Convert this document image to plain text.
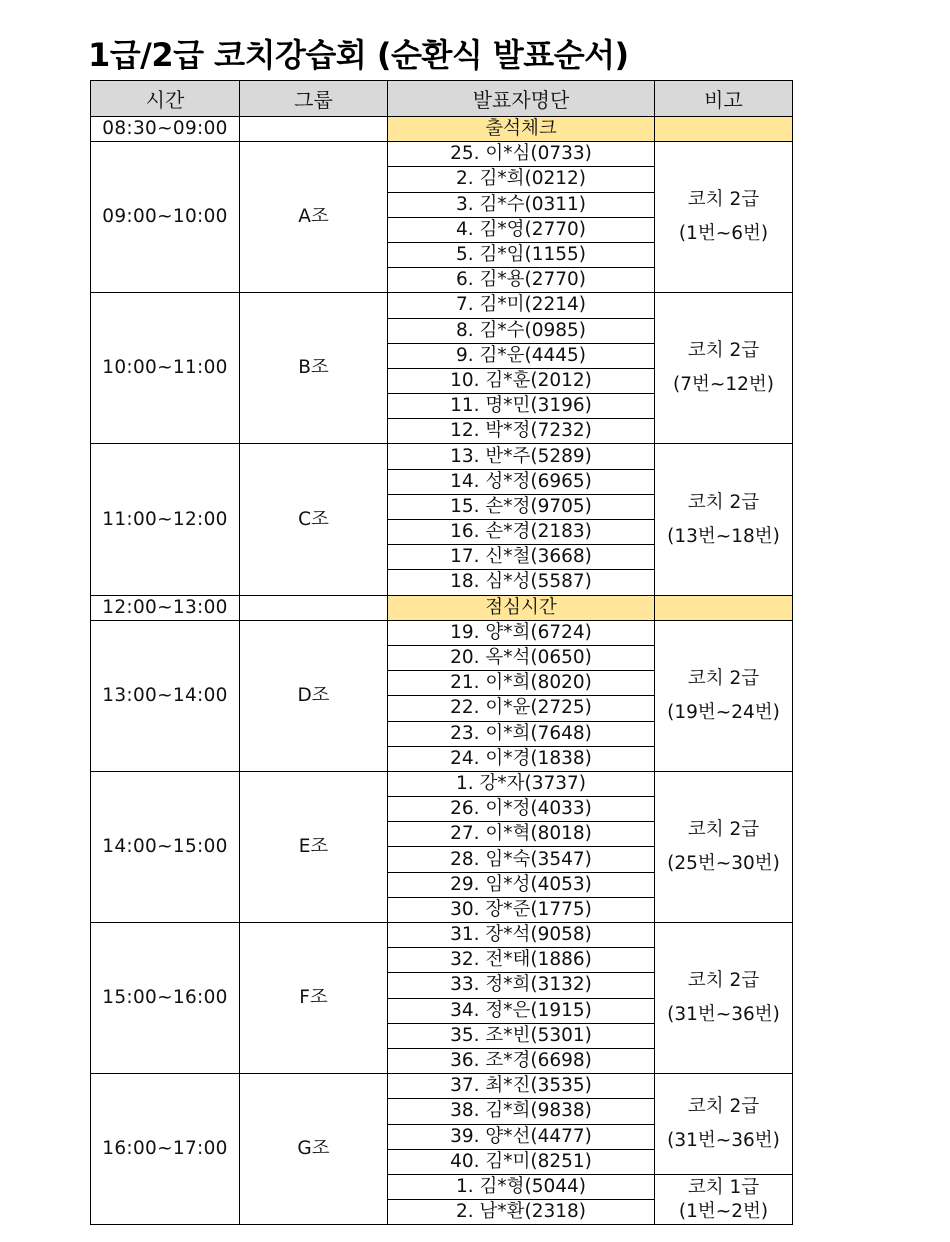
1급/2급 코치강습회 (순환식 발표순서)
시간	그룹	발표자명단	비고
08:30~09:00		출석체크	
09:00~10:00	A조	25. 이*심(0733)	코치 2급
(1번~6번)

		2. 김*희(0212)	
		3. 김*수(0311)	
		4. 김*영(2770)	
		5. 김*임(1155)	
		6. 김*용(2770)	
10:00~11:00	B조	7. 김*미(2214)	코치 2급
(7번~12번)

		8. 김*수(0985)	
		9. 김*운(4445)	
		10. 김*훈(2012)	
		11. 명*민(3196)	
		12. 박*정(7232)	
11:00~12:00	C조	13. 반*주(5289)	코치 2급
(13번~18번)

		14. 성*정(6965)	
		15. 손*정(9705)	
		16. 손*경(2183)	
		17. 신*철(3668)	
		18. 심*성(5587)	
12:00~13:00		점심시간	
13:00~14:00	D조	19. 양*희(6724)	코치 2급
(19번~24번)

		20. 옥*석(0650)	
		21. 이*희(8020)	
		22. 이*윤(2725)	
		23. 이*희(7648)	
		24. 이*경(1838)	
14:00~15:00	E조	1. 강*자(3737)	코치 2급
(25번~30번)

		26. 이*정(4033)	
		27. 이*혁(8018)	
		28. 임*숙(3547)	
		29. 임*성(4053)	
		30. 장*준(1775)	
15:00~16:00	F조	31. 장*석(9058)	코치 2급
(31번~36번)

		32. 전*태(1886)	
		33. 정*희(3132)	
		34. 정*은(1915)	
		35. 조*빈(5301)	
		36. 조*경(6698)	
16:00~17:00	G조	37. 최*진(3535)	코치 2급
(31번~36번)

		38. 김*희(9838)	
		39. 양*선(4477)	
		40. 김*미(8251)	
		1. 김*형(5044)	코치 1급
(1번~2번)

		2. 남*환(2318)	
